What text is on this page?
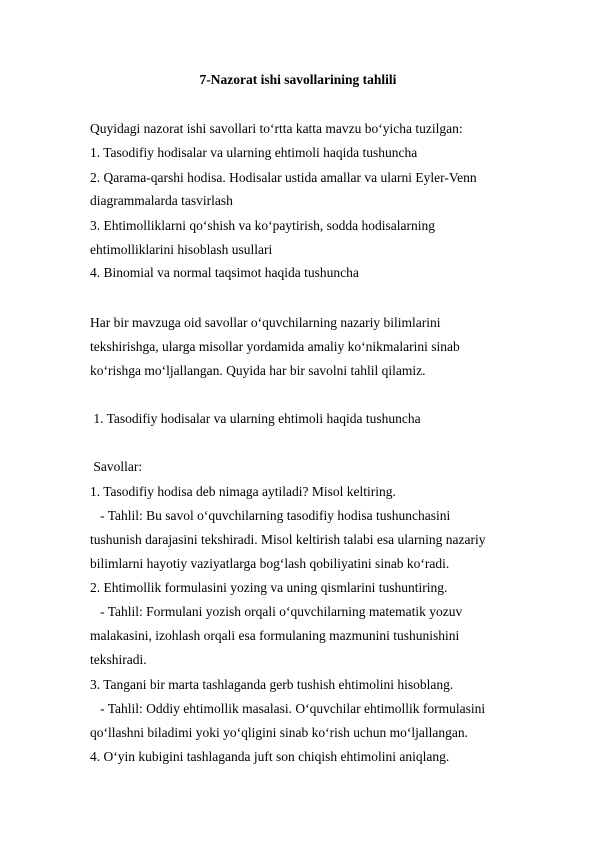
7-Nazorat ishi savollarining tahlili
Quyidagi nazorat ishi savollari to‘rtta katta mavzu bo‘yicha tuzilgan:
1. Tasodifiy hodisalar va ularning ehtimoli haqida tushuncha
2. Qarama-qarshi hodisa. Hodisalar ustida amallar va ularni Eyler-Venn
diagrammalarda tasvirlash
3. Ehtimolliklarni qo‘shish va ko‘paytirish, sodda hodisalarning
ehtimolliklarini hisoblash usullari
4. Binomial va normal taqsimot haqida tushuncha
Har bir mavzuga oid savollar o‘quvchilarning nazariy bilimlarini
tekshirishga, ularga misollar yordamida amaliy ko‘nikmalarini sinab
ko‘rishga mo‘ljallangan. Quyida har bir savolni tahlil qilamiz.
1. Tasodifiy hodisalar va ularning ehtimoli haqida tushuncha
Savollar:
1. Tasodifiy hodisa deb nimaga aytiladi? Misol keltiring.
- Tahlil: Bu savol o‘quvchilarning tasodifiy hodisa tushunchasini
tushunish darajasini tekshiradi. Misol keltirish talabi esa ularning nazariy
bilimlarni hayotiy vaziyatlarga bog‘lash qobiliyatini sinab ko‘radi.
2. Ehtimollik formulasini yozing va uning qismlarini tushuntiring.
- Tahlil: Formulani yozish orqali o‘quvchilarning matematik yozuv
malakasini, izohlash orqali esa formulaning mazmunini tushunishini
tekshiradi.
3. Tangani bir marta tashlaganda gerb tushish ehtimolini hisoblang.
- Tahlil: Oddiy ehtimollik masalasi. O‘quvchilar ehtimollik formulasini
qo‘llashni biladimi yoki yo‘qligini sinab ko‘rish uchun mo‘ljallangan.
4. O‘yin kubigini tashlaganda juft son chiqish ehtimolini aniqlang.
